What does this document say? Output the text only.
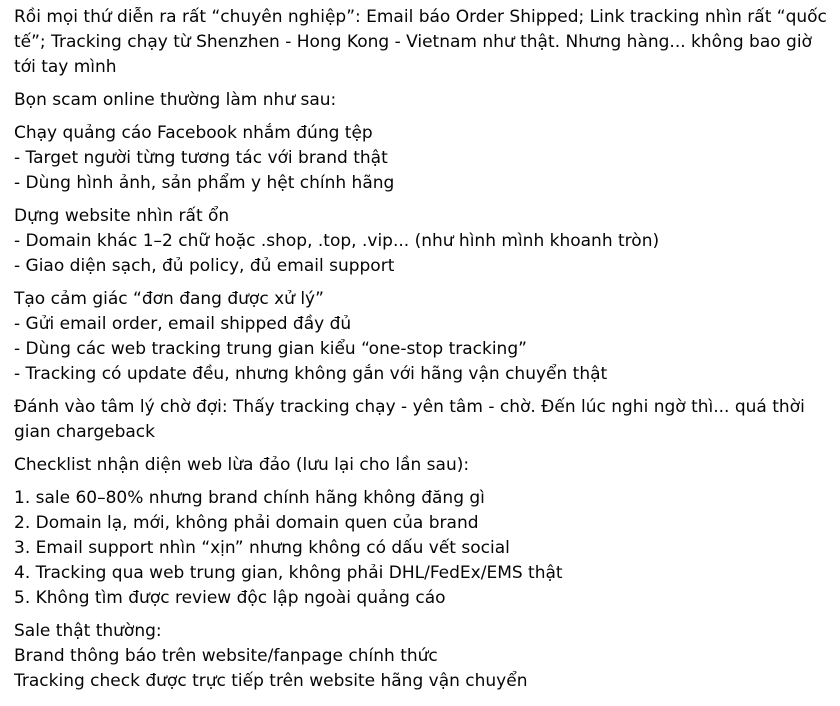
Rồi mọi thứ diễn ra rất “chuyên nghiệp”: Email báo Order Shipped; Link tracking nhìn rất “quốc tế”; Tracking chạy từ Shenzhen - Hong Kong - Vietnam như thật. Nhưng hàng... không bao giờ tới tay mình

Bọn scam online thường làm như sau:

Chạy quảng cáo Facebook nhắm đúng tệp
- Target người từng tương tác với brand thật
- Dùng hình ảnh, sản phẩm y hệt chính hãng

Dựng website nhìn rất ổn
- Domain khác 1–2 chữ hoặc .shop, .top, .vip... (như hình mình khoanh tròn)
- Giao diện sạch, đủ policy, đủ email support

Tạo cảm giác “đơn đang được xử lý”
- Gửi email order, email shipped đầy đủ
- Dùng các web tracking trung gian kiểu “one-stop tracking”
- Tracking có update đều, nhưng không gắn với hãng vận chuyển thật

Đánh vào tâm lý chờ đợi: Thấy tracking chạy - yên tâm - chờ. Đến lúc nghi ngờ thì... quá thời gian chargeback

Checklist nhận diện web lừa đảo (lưu lại cho lần sau):

1. sale 60–80% nhưng brand chính hãng không đăng gì
2. Domain lạ, mới, không phải domain quen của brand
3. Email support nhìn “xịn” nhưng không có dấu vết social
4. Tracking qua web trung gian, không phải DHL/FedEx/EMS thật
5. Không tìm được review độc lập ngoài quảng cáo

Sale thật thường:
Brand thông báo trên website/fanpage chính thức
Tracking check được trực tiếp trên website hãng vận chuyển
